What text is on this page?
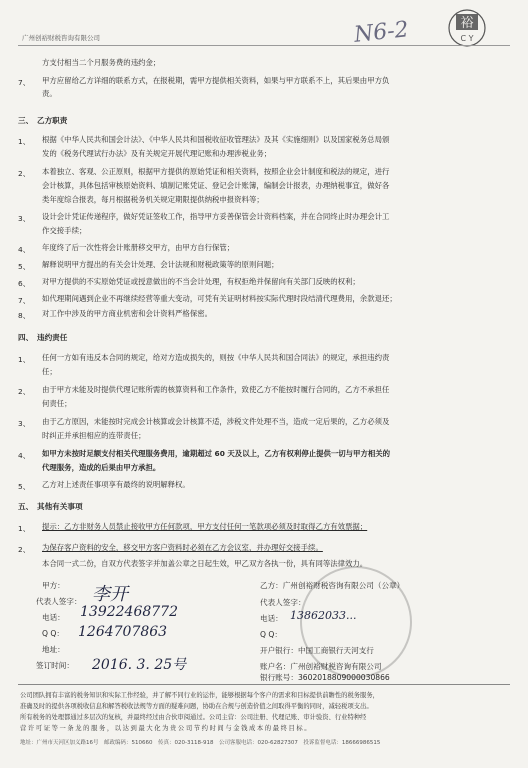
广州创裕财税咨询有限公司	N6-2	裕
C Y
方支付相当二个月服务费的违约金；
7、 甲方应留给乙方详细的联系方式，在报税期，需甲方提供相关资料，如果与甲方联系不上，其后果由甲方负
责。
三、　乙方职责
1、 根据《中华人民共和国会计法》、《中华人民共和国税收征收管理法》及其《实施细则》以及国家税务总局颁
发的《税务代理试行办法》及有关规定开展代理记账和办理涉税业务；
2、 本着独立、客观、公正原则，根据甲方提供的原始凭证和相关资料，按照企业会计制度和税法的规定，进行
会计核算，具体包括审核原始资料、填制记账凭证、登记会计账簿，编制会计报表，办理纳税事宜，做好各
类年度综合报表，每月根据税务机关规定期限提供纳税申报资料等；
3、 设计会计凭证传递程序，做好凭证签收工作，指导甲方妥善保管会计资料档案，并在合同终止时办理会计工
作交接手续；
4、 年度终了后一次性将会计账册移交甲方，由甲方自行保管；
5、 解释说明甲方提出的有关会计处理、会计法规和财税政策等的原则问题；
6、 对甲方提供的不实原始凭证或授意做出的不当会计处理，有权拒绝并保留向有关部门反映的权利；
7、 如代理期间遇到企业不再继续经营等重大变动，可凭有关证明材料按实际代理时段结清代理费用，余款退还；
8、 对工作中涉及的甲方商业机密和会计资料严格保密。
四、　违约责任
1、 任何一方如有违反本合同的规定，给对方造成损失的，则按《中华人民共和国合同法》的规定，承担违约责
任；
2、 由于甲方未能及时提供代理记账所需的核算资料和工作条件，致使乙方不能按时履行合同的，乙方不承担任
何责任；
3、 由于乙方原因，未能按时完成会计核算或会计核算不适，涉税文件处理不当，造成一定后果的，乙方必须及
时纠正并承担相应的连带责任；
4、 如甲方未按时足额支付相关代理服务费用，逾期超过 60 天及以上，乙方有权利停止提供一切与甲方相关的
代理服务，造成的后果由甲方承担。
5、 乙方对上述责任事项享有最终的说明解释权。
五、　其他有关事项
1、 提示：乙方非财务人员禁止接收甲方任何款项，甲方支付任何一笔款项必须及时取得乙方有效票据；
2、 为保存客户资料的安全，移交甲方客户资料时必须在乙方会议室，并办理好交接手续。
本合同一式二份，自双方代表签字并加盖公章之日起生效，甲乙双方各执一份，具有同等法律效力。
甲方：
代表人签字：
电话：
Q Q：
地址：
签订时间：
李开
13922468772
1264707863
2016. 3. 25号
乙方：广州创裕财税咨询有限公司（公章）
代表人签字：
电话： 13862033...
Q Q：
开户银行：中国工商银行天河支行
账户名：广州创裕财税咨询有限公司
银行账号：3602018809000030866
公司团队拥有丰富的税务知识和实际工作经验，并了解不同行业的运作，能够根据每个客户的需求和目标提供前瞻性的税务服务，
准确及时的提供各项税收信息和解答税收法规等方面的疑难问题，协助在合规与创造价值之间取得平衡的同时，减轻税项支出。
所有税务的处理都通过多层次的复核，并最终经过由合伙审阅通过。公司主营：公司注册、代理记账、审计验资、行业特种经
营许可证等一条龙的服务，以达到最大化为贵公司节约时间与金钱成本的最终目标。
地址：广州市天河区加义路16号　邮政编码：510660　传真：020-3118-918　公司客服电话：020-62827307　投诉监督电话：18666986515
